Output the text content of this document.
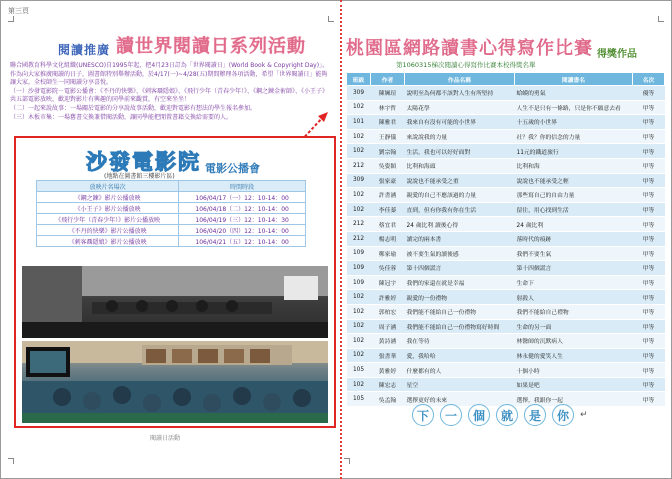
第三頁
閱讀推廣 讀世界閱讀日系列活動

聯合國教育科學文化組織(UNESCO)自1995年起，把4月23日訂為「世界閱讀日」(World Book & Copyright Day)」，作為向大家推廣閱讀的日子，圖書館特別舉辦活動，於4/17(一)~4/28(五)期間辦理各項活動，希望「世界閱讀日」能夠讓大家，全校師生一同閱讀分享喜悅。

（一）沙發電影院－電影公播會：《不丹的快樂》、《刺客聶隱娘》、《飛行少年（青春少年）》、《鋼之鍊金術師》、《小王子》共五部電影放映，歡迎對影片有興趣的同學前來觀賞，有空來坐坐！

（二）一起來說故事：一場關於電影的分享說故事活動，歡迎對電影有想法的學生報名參加。

（三）木板市集：一場舊書交換兼借閱活動，讓同學能把閒置書籍交換給需要的人。

沙發電影院 電影公播會
(地點在圖書館三樓影片區)
放映片名場次	時間時段
《鋼之鍊》影片公播放映	106/04/17（一）12：10-14：00
《小王子》影片公播放映	106/04/18（二）12：10-14：00
《飛行少年（青春少年）》影片公播放映	106/04/19（三）12：10-14：30
《不丹的快樂》影片公播放映	106/04/20（四）12：10-14：00
《刺客聶隱娘》影片公播放映	106/04/21（五）12：10-14：00
閱讀日活動
桃園區網路讀書心得寫作比賽 得獎作品
第1060315梯次閱讀心得寫作比賽本校得獎名單
班級	作者	作品名稱	閱讀書名	名次
309	陳姵瑄	說明至為何都不該對人生有所堅持	蛤蟆的勇氣	優等
102	林宇哲	太陽花學	人生不是只有一條路，只是你不願意去看	甲等
101	陳雅君	我來自有沒有可能的小世界	十五歲的小世界	甲等
102	王靜儀	來說說我的力量	社？我？你的信念的力量	甲等
102	劉宗翰	生活，我也可以好好面對	11元的鐵道旅行	甲等
212	吳姿穎	比利和海頭	比利和海	甲等
309	張家豪	說說也不能承受之重	說說也不能承受之輕	甲等
102	許書涵	親愛的自己不應該過的力量	那些寫自己的自由力量	甲等
102	李佳蓁	直到，但有你我有你在生活	留住，用心找到生活	甲等
212	蔡宜君	24 歲比利 讀後心得	24 歲比利	甲等
212	楊志明	讀完的兩本書	落時代的痕跡	甲等
109	鄭家瑜	被不要生氣的讀後感	我們不要生氣	甲等
109	吳佳蓉	第十四個謊言	第十四個謊言	甲等
109	陳冠宇	我們的家還在就是幸福	生命下	甲等
102	許雅婷	親愛的一份禮物	射殺人	甲等
102	郭柏宏	我們能不能給自己一份禮物	我們不能給自己禮物	甲等
102	周子涵	我們能不能給自己一份禮物寫好時間	生命的另一面	甲等
102	黃詩涵	我在等待	林醫師的沉默病人	甲等
102	張書華	愛，我哈哈	林永健的愛笑人生	甲等
105	黃雅婷	什麼都有的人	十個小時	甲等
102	陳宏志	星空	如果是吧	甲等
105	吳孟翰	選擇更好的未來	選擇，我跟你一起	甲等
下	一	個	就	是	你	↵
